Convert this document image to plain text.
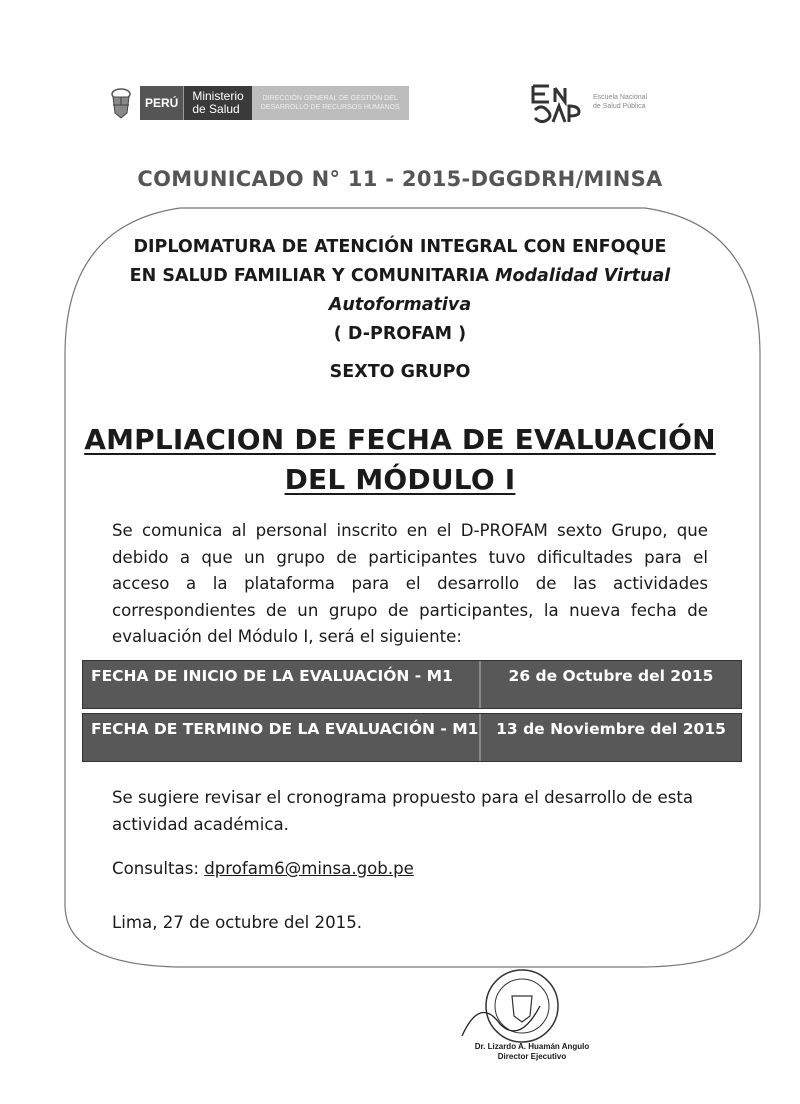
PERÚ	Ministerio
de Salud
DIRECCIÓN GENERAL DE GESTIÓN DEL
DESARROLLO DE RECURSOS HUMANOS
Escuela Nacional
de Salud Pública
COMUNICADO N° 11 - 2015-DGGDRH/MINSA
DIPLOMATURA DE ATENCIÓN INTEGRAL CON ENFOQUE
EN SALUD FAMILIAR Y COMUNITARIA Modalidad Virtual
Autoformativa
( D-PROFAM )
SEXTO GRUPO
AMPLIACION DE FECHA DE EVALUACIÓN
DEL MÓDULO I
Se comunica al personal inscrito en el D-PROFAM sexto Grupo, que debido a que un grupo de participantes tuvo dificultades para el acceso a la plataforma para el desarrollo de las actividades correspondientes de un grupo de participantes, la nueva fecha de evaluación del Módulo I, será el siguiente:
FECHA DE INICIO DE LA EVALUACIÓN - M1	26 de Octubre del 2015
FECHA DE TERMINO DE LA EVALUACIÓN - M1	13 de Noviembre del 2015
Se sugiere revisar el cronograma propuesto para el desarrollo de esta actividad académica.
Consultas: dprofam6@minsa.gob.pe
Lima, 27 de octubre del 2015.
Dr. Lizardo A. Huamán Angulo
Director Ejecutivo
